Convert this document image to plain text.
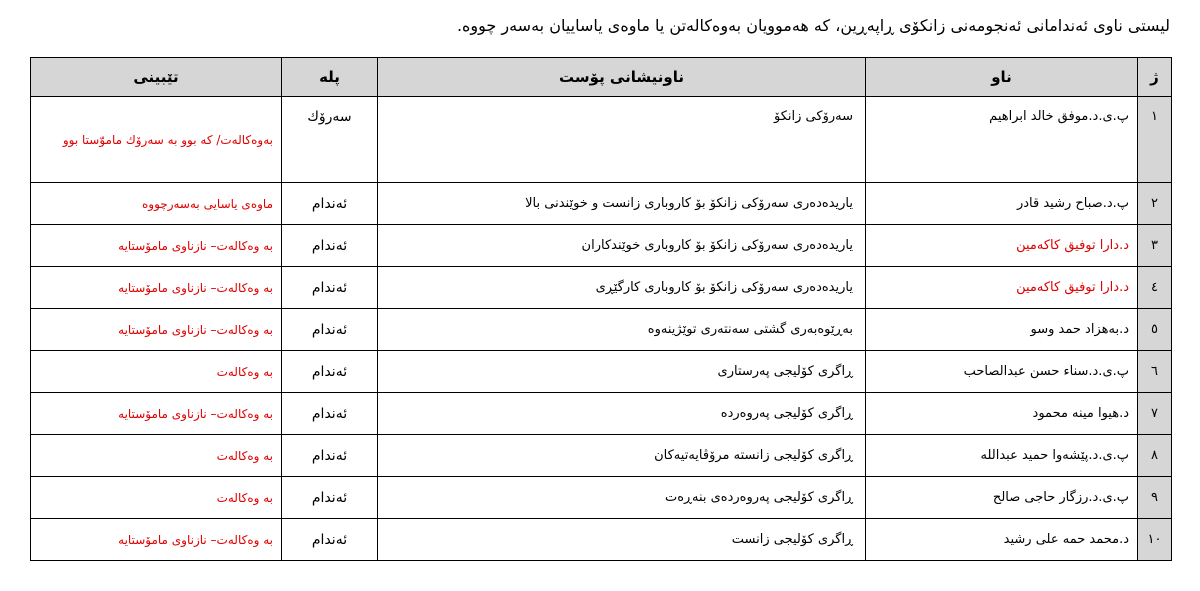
لیستی ناوی ئەندامانی ئەنجومەنی زانكۆی ڕاپەڕین، كە هەموویان بەوەكالەتن یا ماوەی یاساییان بەسەر چووە.
ژ	ناو	ناونیشانی پۆست	پلە	تێبینی
١	پ.ی.د.موفق خالد ابراهیم	سەرۆكی زانكۆ	سەرۆك	بەوەكالەت/ كە بوو بە سەرۆك ماموّستا بوو
٢	پ.د.صباح رشید قادر	یاریدەدەری سەرۆكی زانكۆ بۆ كاروباری زانست و خوێندنی بالا	ئەندام	ماوەی یاسایی بەسەرچووە
٣	د.دارا توفیق كاكەمین	یاریدەدەری سەرۆكی زانكۆ بۆ كاروباری خوێندكاران	ئەندام	بە وەكالەت– نازناوی ماموٚستایە
٤	د.دارا توفیق كاكەمین	یاریدەدەری سەرۆكی زانكۆ بۆ كاروباری كارگێڕی	ئەندام	بە وەكالەت– نازناوی ماموٚستایە
٥	د.بەهزاد حمد وسو	بەڕێوەبەری گشتی سەنتەری توێژینەوە	ئەندام	بە وەكالەت– نازناوی ماموٚستایە
٦	پ.ی.د.سناء حسن عبدالصاحب	ڕاگری كۆلیجی پەرستاری	ئەندام	بە وەكالەت
٧	د.هیوا مینە محمود	ڕاگری كۆلیجی پەروەردە	ئەندام	بە وەكالەت– نازناوی ماموٚستایە
٨	پ.ی.د.پێشەوا حمید عبدالله	ڕاگری كۆلیجی زانستە مرۆڤایەتیەكان	ئەندام	بە وەكالەت
٩	پ.ی.د.رزگار حاجی صالح	ڕاگری كۆلیجی پەروەردەی بنەڕەت	ئەندام	بە وەكالەت
١٠	د.محمد حمە علی رشید	ڕاگری كۆلیجی زانست	ئەندام	بە وەكالەت– نازناوی ماموٚستایە
